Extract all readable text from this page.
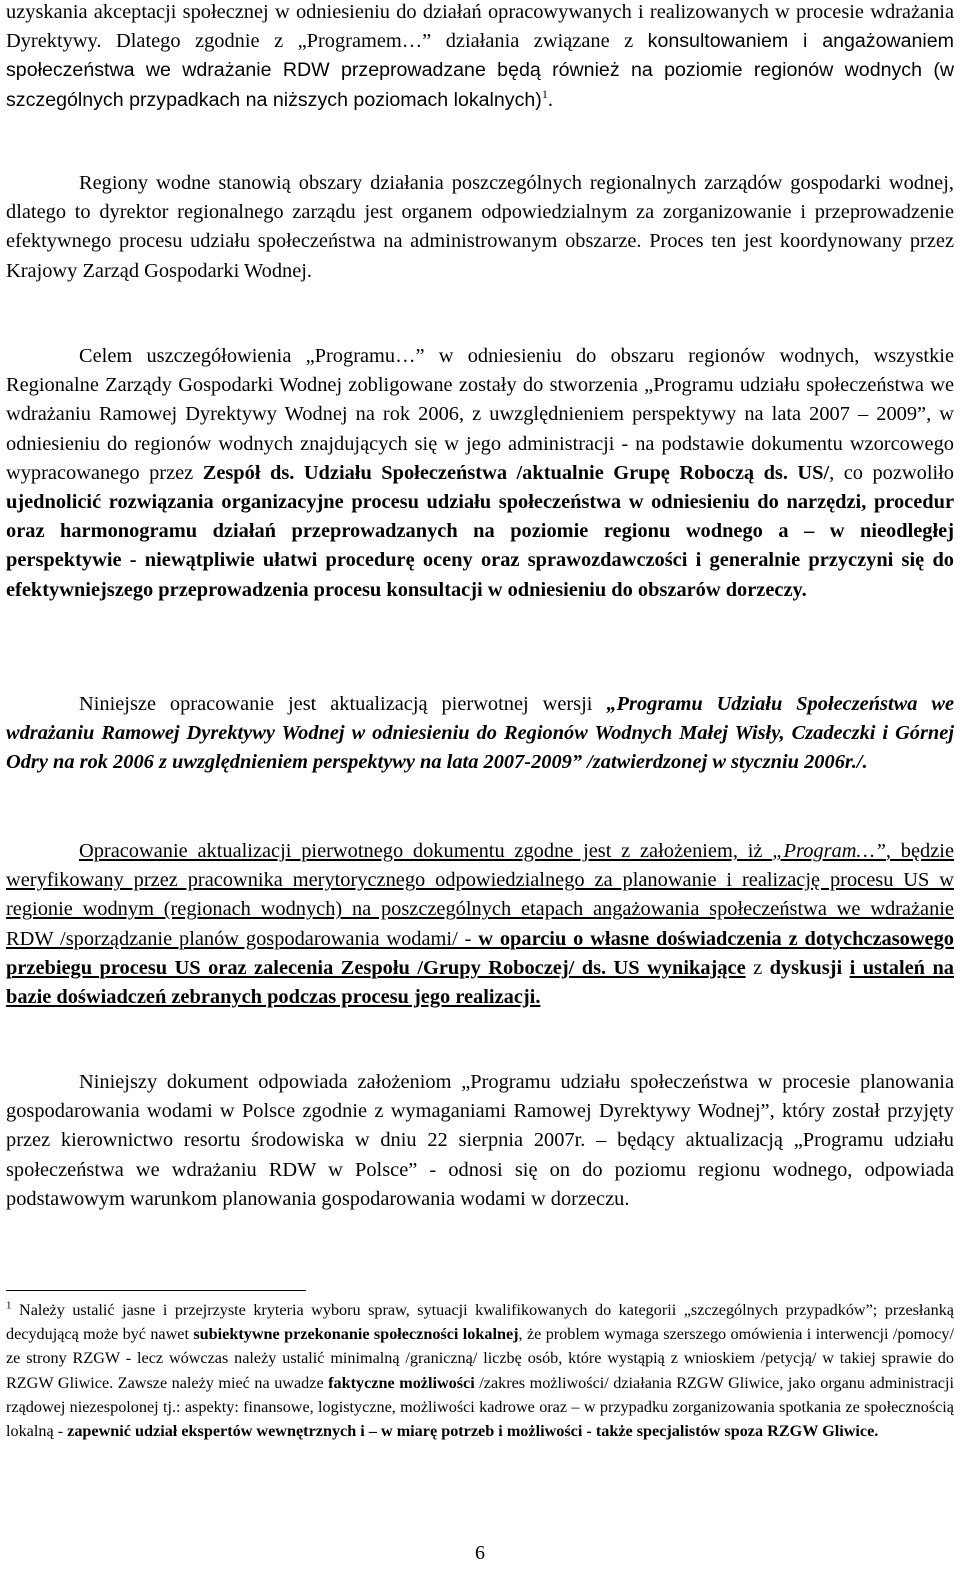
uzyskania akceptacji społecznej w odniesieniu do działań opracowywanych i realizowanych w procesie wdrażania Dyrektywy. Dlatego zgodnie z „Programem…” działania związane z konsultowaniem i angażowaniem społeczeństwa we wdrażanie RDW przeprowadzane będą również na poziomie regionów wodnych (w szczególnych przypadkach na niższych poziomach lokalnych)$^1$.

Regiony wodne stanowią obszary działania poszczególnych regionalnych zarządów gospodarki wodnej, dlatego to dyrektor regionalnego zarządu jest organem odpowiedzialnym za zorganizowanie i przeprowadzenie efektywnego procesu udziału społeczeństwa na administrowanym obszarze. Proces ten jest koordynowany przez Krajowy Zarząd Gospodarki Wodnej.

Celem uszczegółowienia „Programu…” w odniesieniu do obszaru regionów wodnych, wszystkie Regionalne Zarządy Gospodarki Wodnej zobligowane zostały do stworzenia „Programu udziału społeczeństwa we wdrażaniu Ramowej Dyrektywy Wodnej na rok 2006, z uwzględnieniem perspektywy na lata 2007 – 2009”, w odniesieniu do regionów wodnych znajdujących się w jego administracji - na podstawie dokumentu wzorcowego wypracowanego przez Zespół ds. Udziału Społeczeństwa /aktualnie Grupę Roboczą ds. US/, co pozwoliło ujednolicić rozwiązania organizacyjne procesu udziału społeczeństwa w odniesieniu do narzędzi, procedur oraz harmonogramu działań przeprowadzanych na poziomie regionu wodnego a – w nieodległej perspektywie - niewątpliwie ułatwi procedurę oceny oraz sprawozdawczości i generalnie przyczyni się do efektywniejszego przeprowadzenia procesu konsultacji w odniesieniu do obszarów dorzeczy.

Niniejsze opracowanie jest aktualizacją pierwotnej wersji „Programu Udziału Społeczeństwa we wdrażaniu Ramowej Dyrektywy Wodnej w odniesieniu do Regionów Wodnych Małej Wisły, Czadeczki i Górnej Odry na rok 2006 z uwzględnieniem perspektywy na lata 2007-2009” /zatwierdzonej w styczniu 2006r./.

Opracowanie aktualizacji pierwotnego dokumentu zgodne jest z założeniem, iż „Program…”, będzie weryfikowany przez pracownika merytorycznego odpowiedzialnego za planowanie i realizację procesu US w regionie wodnym (regionach wodnych) na poszczególnych etapach angażowania społeczeństwa we wdrażanie RDW /sporządzanie planów gospodarowania wodami/ - w oparciu o własne doświadczenia z dotychczasowego przebiegu procesu US oraz zalecenia Zespołu /Grupy Roboczej/ ds. US wynikające z dyskusji i ustaleń na bazie doświadczeń zebranych podczas procesu jego realizacji.

Niniejszy dokument odpowiada założeniom „Programu udziału społeczeństwa w procesie planowania gospodarowania wodami w Polsce zgodnie z wymaganiami Ramowej Dyrektywy Wodnej”, który został przyjęty przez kierownictwo resortu środowiska w dniu 22 sierpnia 2007r. – będący aktualizacją „Programu udziału społeczeństwa we wdrażaniu RDW w Polsce” - odnosi się on do poziomu regionu wodnego, odpowiada podstawowym warunkom planowania gospodarowania wodami w dorzeczu.

$^1$ Należy ustalić jasne i przejrzyste kryteria wyboru spraw, sytuacji kwalifikowanych do kategorii „szczególnych przypadków”; przesłanką decydującą może być nawet subiektywne przekonanie społeczności lokalnej, że problem wymaga szerszego omówienia i interwencji /pomocy/ ze strony RZGW - lecz wówczas należy ustalić minimalną /graniczną/ liczbę osób, które wystąpią z wnioskiem /petycją/ w takiej sprawie do RZGW Gliwice. Zawsze należy mieć na uwadze faktyczne możliwości /zakres możliwości/ działania RZGW Gliwice, jako organu administracji rządowej niezespolonej tj.: aspekty: finansowe, logistyczne, możliwości kadrowe oraz – w przypadku zorganizowania spotkania ze społecznością lokalną - zapewnić udział ekspertów wewnętrznych i – w miarę potrzeb i możliwości - także specjalistów spoza RZGW Gliwice.

6
